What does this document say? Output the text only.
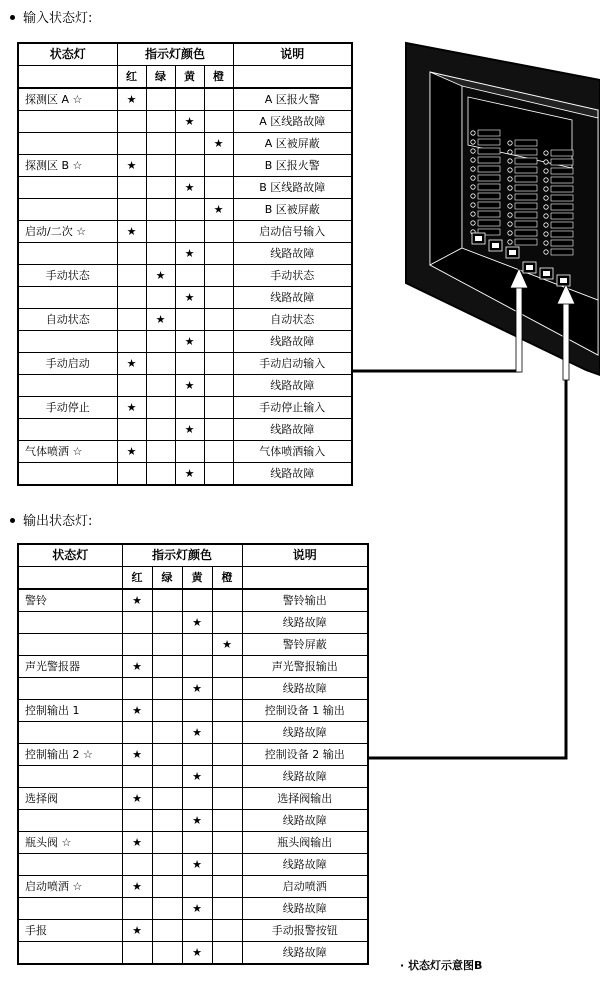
输入状态灯:
状态灯	指示灯颜色				说明
	红	绿	黄	橙	
探测区 A ☆	★				A 区报火警
			★		A 区线路故障
				★	A 区被屏蔽
探测区 B ☆	★				B 区报火警
			★		B 区线路故障
				★	B 区被屏蔽
启动/二次 ☆	★				启动信号输入
			★		线路故障
手动状态		★			手动状态
			★		线路故障
自动状态		★			自动状态
			★		线路故障
手动启动	★				手动启动输入
			★		线路故障
手动停止	★				手动停止输入
			★		线路故障
气体喷洒 ☆	★				气体喷洒输入
			★		线路故障
输出状态灯:
状态灯	指示灯颜色				说明
	红	绿	黄	橙	
警铃	★				警铃输出
			★		线路故障
				★	警铃屏蔽
声光警报器	★				声光警报输出
			★		线路故障
控制输出 1	★				控制设备 1 输出
			★		线路故障
控制输出 2 ☆	★				控制设备 2 输出
			★		线路故障
选择阀	★				选择阀输出
			★		线路故障
瓶头阀 ☆	★				瓶头阀输出
			★		线路故障
启动喷洒 ☆	★				启动喷洒
			★		线路故障
手报	★				手动报警按钮
			★		线路故障
· 状态灯示意图B
